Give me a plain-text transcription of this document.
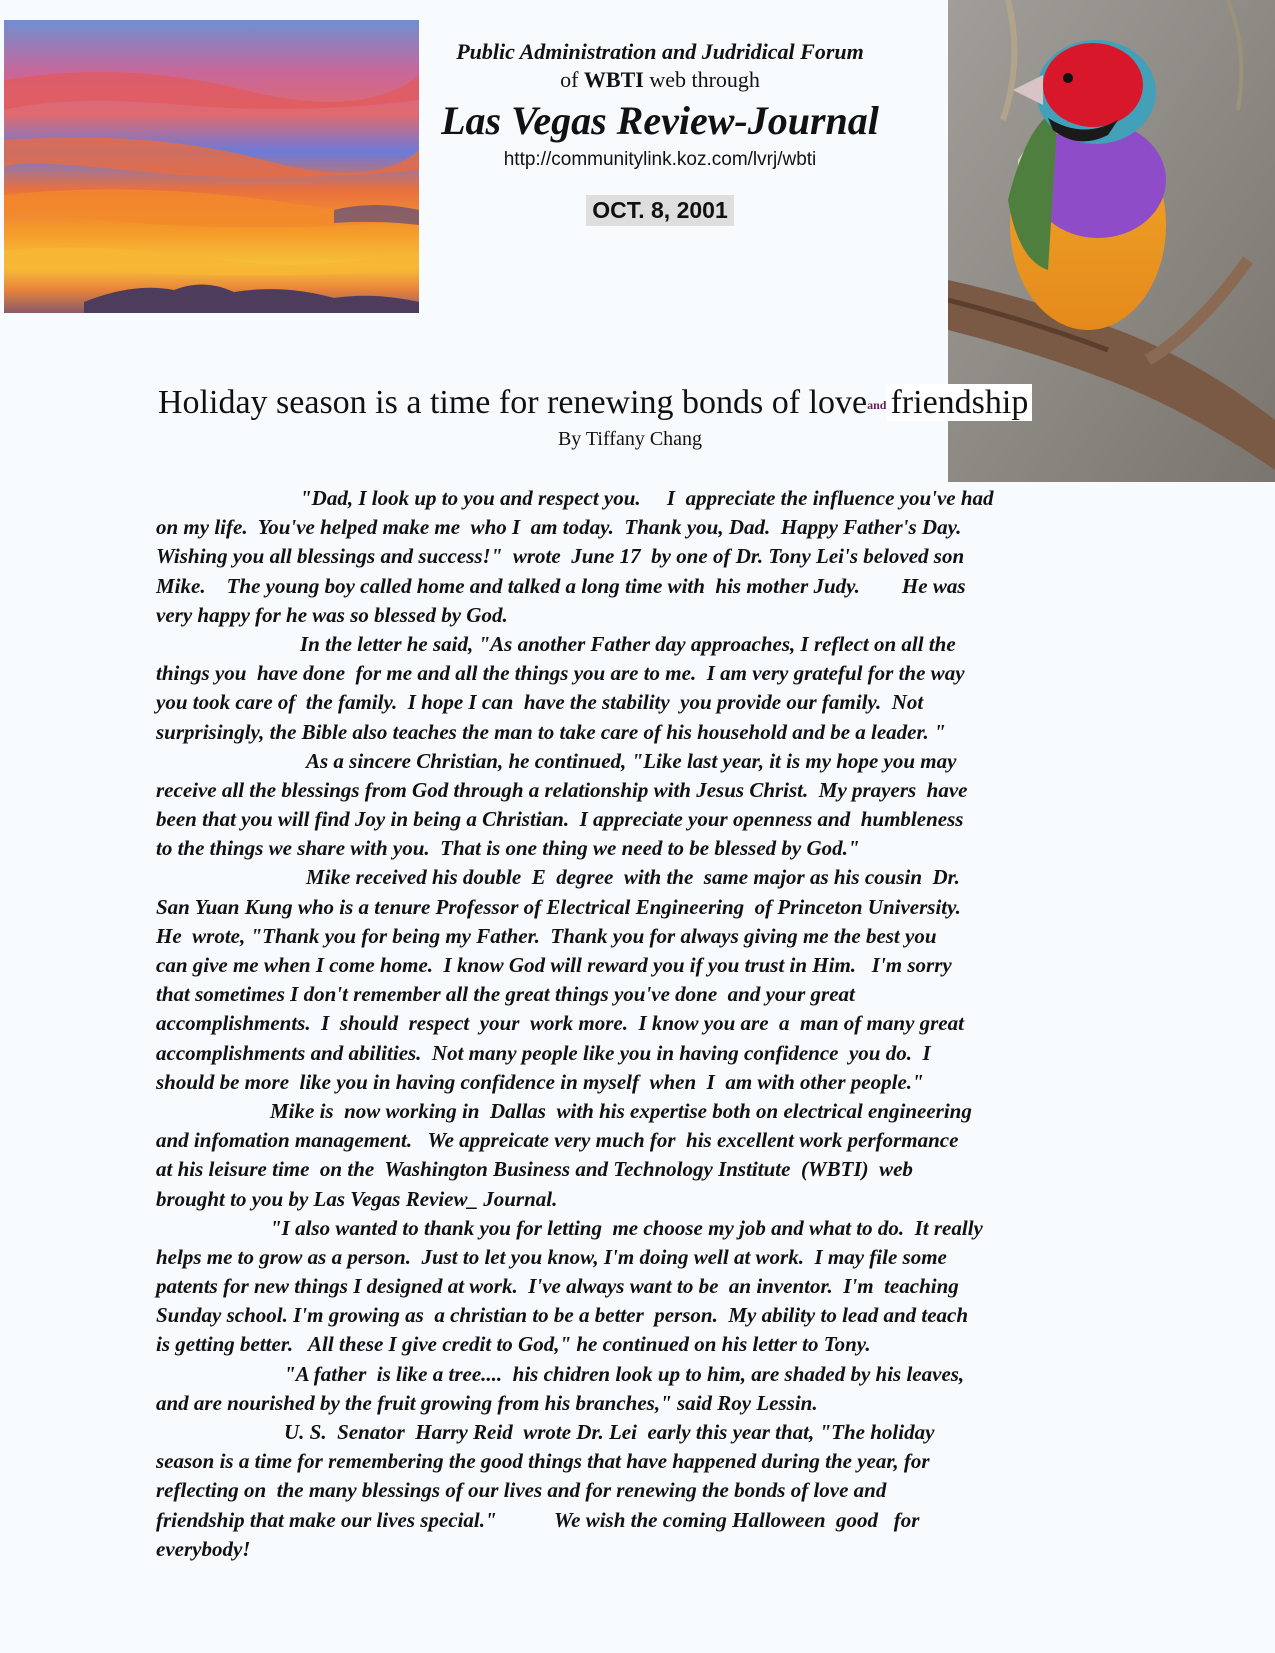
Public Administration and Judridical Forum
of WBTI web through
Las Vegas Review-Journal
http://communitylink.koz.com/lvrj/wbti
OCT. 8, 2001
Holiday season is a time for renewing bonds of loveand friendship
By Tiffany Chang
"Dad, I look up to you and respect you.     I  appreciate the influence you've had
on my life.  You've helped make me  who I  am today.  Thank you, Dad.  Happy Father's Day.
Wishing you all blessings and success!"  wrote  June 17  by one of Dr. Tony Lei's beloved son
Mike.    The young boy called home and talked a long time with  his mother Judy.        He was
very happy for he was so blessed by God.
In the letter he said, "As another Father day approaches, I reflect on all the
things you  have done  for me and all the things you are to me.  I am very grateful for the way
you took care of  the family.  I hope I can  have the stability  you provide our family.  Not
surprisingly, the Bible also teaches the man to take care of his household and be a leader. "
As a sincere Christian, he continued, "Like last year, it is my hope you may
receive all the blessings from God through a relationship with Jesus Christ.  My prayers  have
been that you will find Joy in being a Christian.  I appreciate your openness and  humbleness
to the things we share with you.  That is one thing we need to be blessed by God."
Mike received his double  E  degree  with the  same major as his cousin  Dr.
San Yuan Kung who is a tenure Professor of Electrical Engineering  of Princeton University.
He  wrote, "Thank you for being my Father.  Thank you for always giving me the best you
can give me when I come home.  I know God will reward you if you trust in Him.   I'm sorry
that sometimes I don't remember all the great things you've done  and your great
accomplishments.  I  should  respect  your  work more.  I know you are  a  man of many great
accomplishments and abilities.  Not many people like you in having confidence  you do.  I
should be more  like you in having confidence in myself  when  I  am with other people."
Mike is  now working in  Dallas  with his expertise both on electrical engineering
and infomation management.   We appreicate very much for  his excellent work performance
at his leisure time  on the  Washington Business and Technology Institute  (WBTI)  web
brought to you by Las Vegas Review_ Journal.
"I also wanted to thank you for letting  me choose my job and what to do.  It really
helps me to grow as a person.  Just to let you know, I'm doing well at work.  I may file some
patents for new things I designed at work.  I've always want to be  an inventor.  I'm  teaching
Sunday school. I'm growing as  a christian to be a better  person.  My ability to lead and teach
is getting better.   All these I give credit to God," he continued on his letter to Tony.
"A father  is like a tree....  his chidren look up to him, are shaded by his leaves,
and are nourished by the fruit growing from his branches," said Roy Lessin.
U. S.  Senator  Harry Reid  wrote Dr. Lei  early this year that, "The holiday
season is a time for remembering the good things that have happened during the year, for
reflecting on  the many blessings of our lives and for renewing the bonds of love and
friendship that make our lives special."           We wish the coming Halloween  good   for
everybody!
